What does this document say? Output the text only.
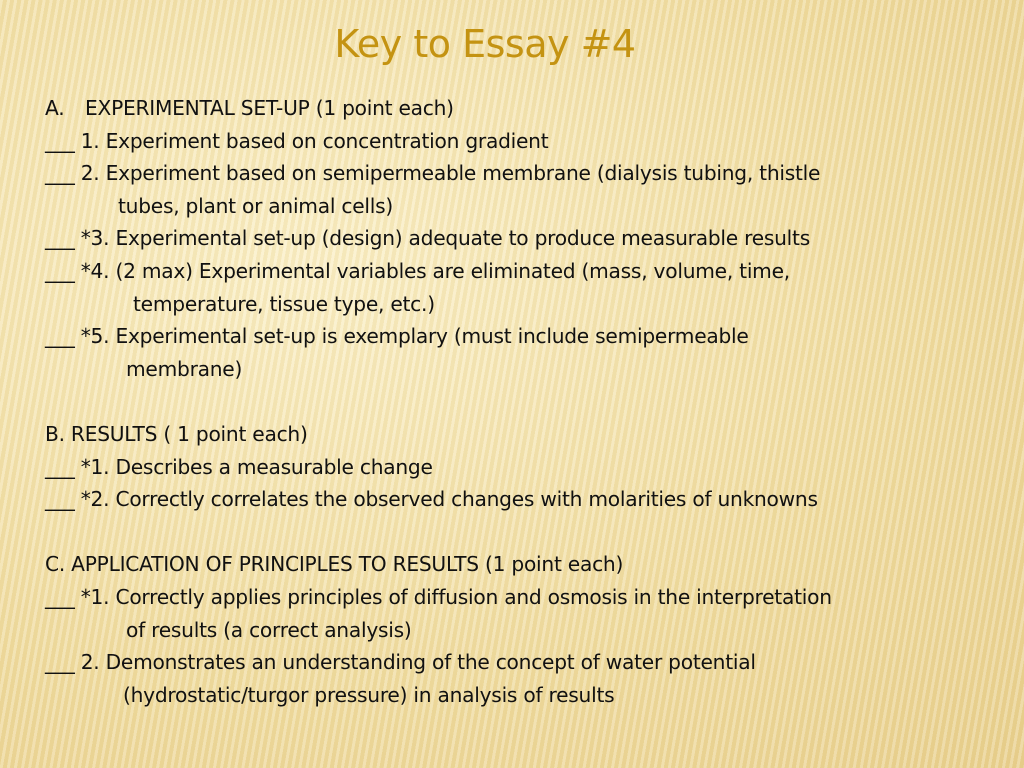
Key to Essay #4
A. EXPERIMENTAL SET-UP (1 point each)
___ 1. Experiment based on concentration gradient
___ 2. Experiment based on semipermeable membrane (dialysis tubing, thistle
tubes, plant or animal cells)
___ *3. Experimental set-up (design) adequate to produce measurable results
___ *4. (2 max) Experimental variables are eliminated (mass, volume, time,
temperature, tissue type, etc.)
___ *5. Experimental set-up is exemplary (must include semipermeable
membrane)
B. RESULTS ( 1 point each)
___ *1. Describes a measurable change
___ *2. Correctly correlates the observed changes with molarities of unknowns
C. APPLICATION OF PRINCIPLES TO RESULTS (1 point each)
___ *1. Correctly applies principles of diffusion and osmosis in the interpretation
of results (a correct analysis)
___ 2. Demonstrates an understanding of the concept of water potential
(hydrostatic/turgor pressure) in analysis of results
